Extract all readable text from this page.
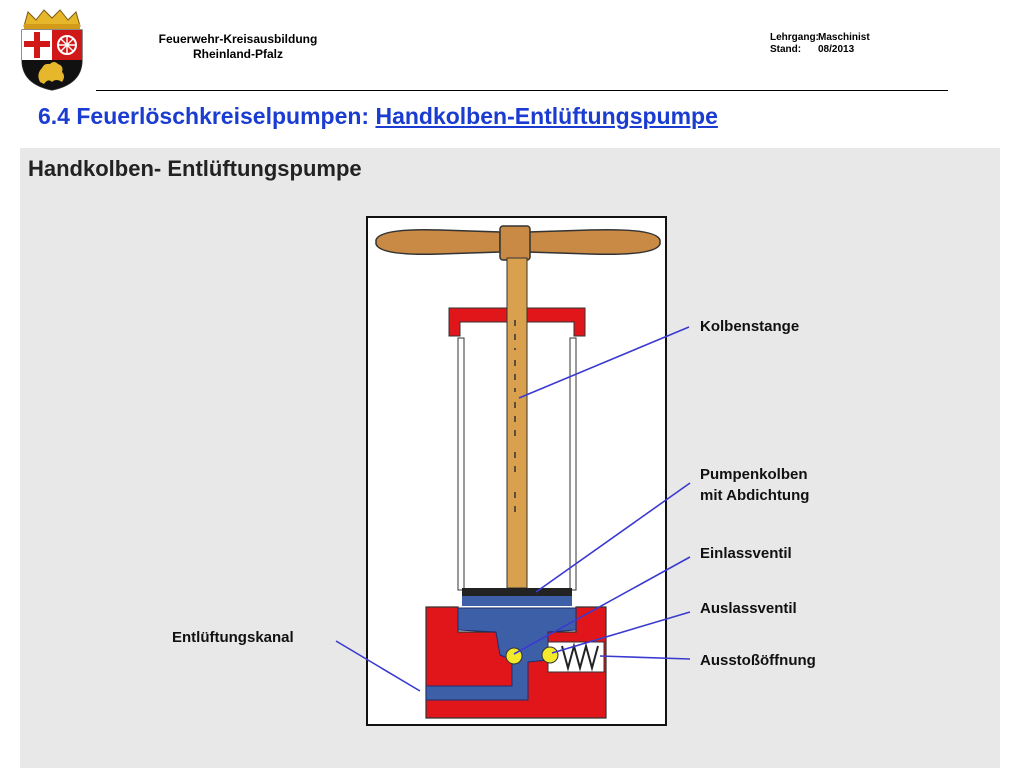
Feuerwehr-Kreisausbildung
Rheinland-Pfalz
Lehrgang: Maschinist
Stand:	08/2013
6.4 Feuerlöschkreiselpumpen: Handkolben-Entlüftungspumpe
Handkolben- Entlüftungspumpe
Kolbenstange
Pumpenkolben
mit Abdichtung
Einlassventil
Auslassventil
Ausstoßöffnung
Entlüftungskanal
